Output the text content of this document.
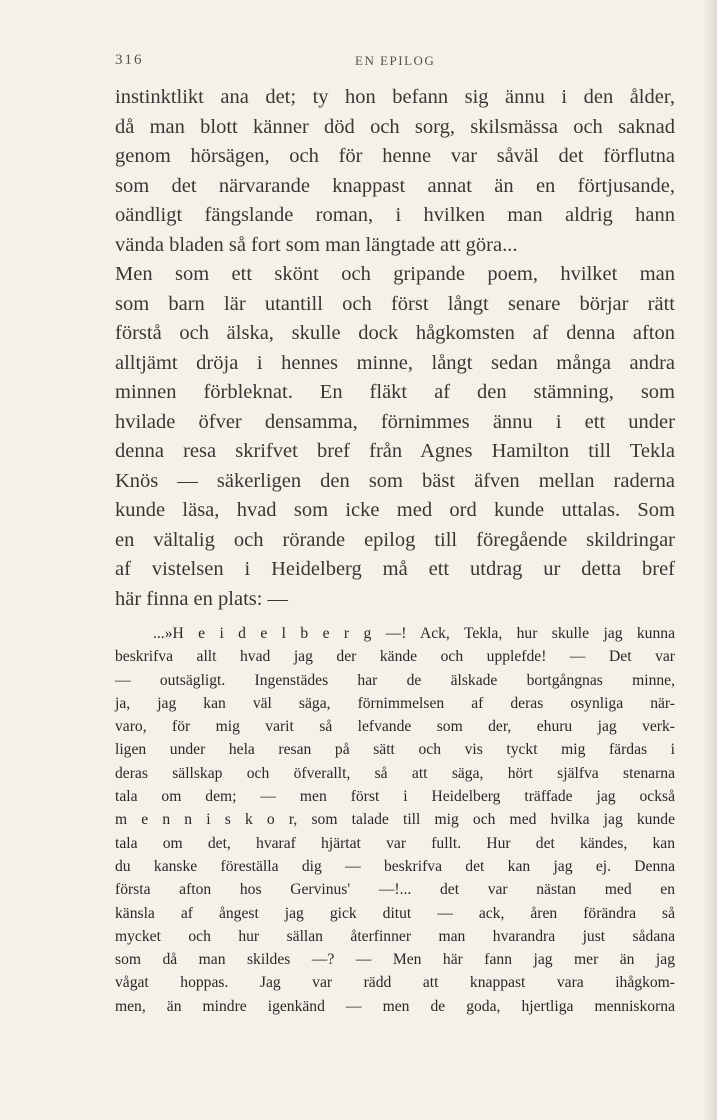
316	EN EPILOG
instinktlikt ana det; ty hon befann sig ännu i den ålder,
då man blott känner död och sorg, skilsmässa och saknad
genom hörsägen, och för henne var såväl det förflutna
som det närvarande knappast annat än en förtjusande,
oändligt fängslande roman, i hvilken man aldrig hann
vända bladen så fort som man längtade att göra...
Men som ett skönt och gripande poem, hvilket man
som barn lär utantill och först långt senare börjar rätt
förstå och älska, skulle dock hågkomsten af denna afton
alltjämt dröja i hennes minne, långt sedan många andra
minnen förbleknat. En fläkt af den stämning, som
hvilade öfver densamma, förnimmes ännu i ett under
denna resa skrifvet bref från Agnes Hamilton till Tekla
Knös — säkerligen den som bäst äfven mellan raderna
kunde läsa, hvad som icke med ord kunde uttalas. Som
en vältalig och rörande epilog till föregående skildringar
af vistelsen i Heidelberg må ett utdrag ur detta bref
här finna en plats: —
...»H e i d e l b e r g —! Ack, Tekla, hur skulle jag kunna
beskrifva allt hvad jag der kände och upplefde! — Det var
— outsägligt. Ingenstädes har de älskade bortgångnas minne,
ja, jag kan väl säga, förnimmelsen af deras osynliga när-
varo, för mig varit så lefvande som der, ehuru jag verk-
ligen under hela resan på sätt och vis tyckt mig färdas i
deras sällskap och öfverallt, så att säga, hört själfva stenarna
tala om dem; — men först i Heidelberg träffade jag också
m e n n i s k o r, som talade till mig och med hvilka jag kunde
tala om det, hvaraf hjärtat var fullt. Hur det kändes, kan
du kanske föreställa dig — beskrifva det kan jag ej. Denna
första afton hos Gervinus' —!... det var nästan med en
känsla af ångest jag gick ditut — ack, åren förändra så
mycket och hur sällan återfinner man hvarandra just sådana
som då man skildes —? — Men här fann jag mer än jag
vågat hoppas. Jag var rädd att knappast vara ihågkom-
men, än mindre igenkänd — men de goda, hjertliga menniskorna
